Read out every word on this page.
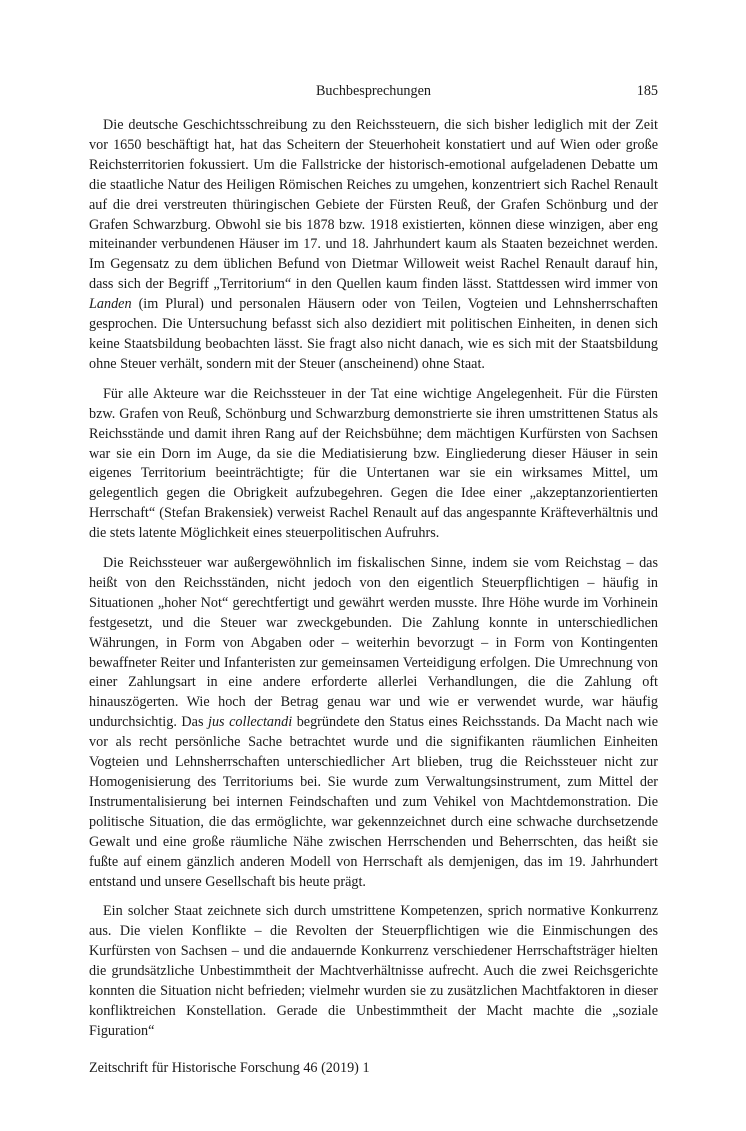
Buchbesprechungen	185

Die deutsche Geschichtsschreibung zu den Reichssteuern, die sich bisher lediglich mit der Zeit vor 1650 beschäftigt hat, hat das Scheitern der Steuerhoheit konstatiert und auf Wien oder große Reichsterritorien fokussiert. Um die Fallstricke der historisch-emotional aufgeladenen Debatte um die staatliche Natur des Heiligen Römischen Reiches zu umgehen, konzentriert sich Rachel Renault auf die drei verstreuten thüringischen Gebiete der Fürsten Reuß, der Grafen Schönburg und der Grafen Schwarzburg. Obwohl sie bis 1878 bzw. 1918 existierten, können diese winzigen, aber eng miteinander verbundenen Häuser im 17. und 18. Jahrhundert kaum als Staaten bezeichnet werden. Im Gegensatz zu dem üblichen Befund von Dietmar Willoweit weist Rachel Renault darauf hin, dass sich der Begriff „Territorium“ in den Quellen kaum finden lässt. Stattdessen wird immer von Landen (im Plural) und personalen Häusern oder von Teilen, Vogteien und Lehnsherrschaften gesprochen. Die Untersuchung befasst sich also dezidiert mit politischen Einheiten, in denen sich keine Staatsbildung beobachten lässt. Sie fragt also nicht danach, wie es sich mit der Staatsbildung ohne Steuer verhält, sondern mit der Steuer (anscheinend) ohne Staat.

Für alle Akteure war die Reichssteuer in der Tat eine wichtige Angelegenheit. Für die Fürsten bzw. Grafen von Reuß, Schönburg und Schwarzburg demonstrierte sie ihren umstrittenen Status als Reichsstände und damit ihren Rang auf der Reichsbühne; dem mächtigen Kurfürsten von Sachsen war sie ein Dorn im Auge, da sie die Mediatisierung bzw. Eingliederung dieser Häuser in sein eigenes Territorium beeinträchtigte; für die Untertanen war sie ein wirksames Mittel, um gelegentlich gegen die Obrigkeit aufzubegehren. Gegen die Idee einer „akzeptanzorientierten Herrschaft“ (Stefan Brakensiek) verweist Rachel Renault auf das angespannte Kräfteverhältnis und die stets latente Möglichkeit eines steuerpolitischen Aufruhrs.

Die Reichssteuer war außergewöhnlich im fiskalischen Sinne, indem sie vom Reichstag – das heißt von den Reichsständen, nicht jedoch von den eigentlich Steuerpflichtigen – häufig in Situationen „hoher Not“ gerechtfertigt und gewährt werden musste. Ihre Höhe wurde im Vorhinein festgesetzt, und die Steuer war zweckgebunden. Die Zahlung konnte in unterschiedlichen Währungen, in Form von Abgaben oder – weiterhin bevorzugt – in Form von Kontingenten bewaffneter Reiter und Infanteristen zur gemeinsamen Verteidigung erfolgen. Die Umrechnung von einer Zahlungsart in eine andere erforderte allerlei Verhandlungen, die die Zahlung oft hinauszögerten. Wie hoch der Betrag genau war und wie er verwendet wurde, war häufig undurchsichtig. Das jus collectandi begründete den Status eines Reichsstands. Da Macht nach wie vor als recht persönliche Sache betrachtet wurde und die signifikanten räumlichen Einheiten Vogteien und Lehnsherrschaften unterschiedlicher Art blieben, trug die Reichssteuer nicht zur Homogenisierung des Territoriums bei. Sie wurde zum Verwaltungsinstrument, zum Mittel der Instrumentalisierung bei internen Feindschaften und zum Vehikel von Machtdemonstration. Die politische Situation, die das ermöglichte, war gekennzeichnet durch eine schwache durchsetzende Gewalt und eine große räumliche Nähe zwischen Herrschenden und Beherrschten, das heißt sie fußte auf einem gänzlich anderen Modell von Herrschaft als demjenigen, das im 19. Jahrhundert entstand und unsere Gesellschaft bis heute prägt.

Ein solcher Staat zeichnete sich durch umstrittene Kompetenzen, sprich normative Konkurrenz aus. Die vielen Konflikte – die Revolten der Steuerpflichtigen wie die Einmischungen des Kurfürsten von Sachsen – und die andauernde Konkurrenz verschiedener Herrschaftsträger hielten die grundsätzliche Unbestimmtheit der Machtverhältnisse aufrecht. Auch die zwei Reichsgerichte konnten die Situation nicht befrieden; vielmehr wurden sie zu zusätzlichen Machtfaktoren in dieser konfliktreichen Konstellation. Gerade die Unbestimmtheit der Macht machte die „soziale Figuration“

Zeitschrift für Historische Forschung 46 (2019) 1
